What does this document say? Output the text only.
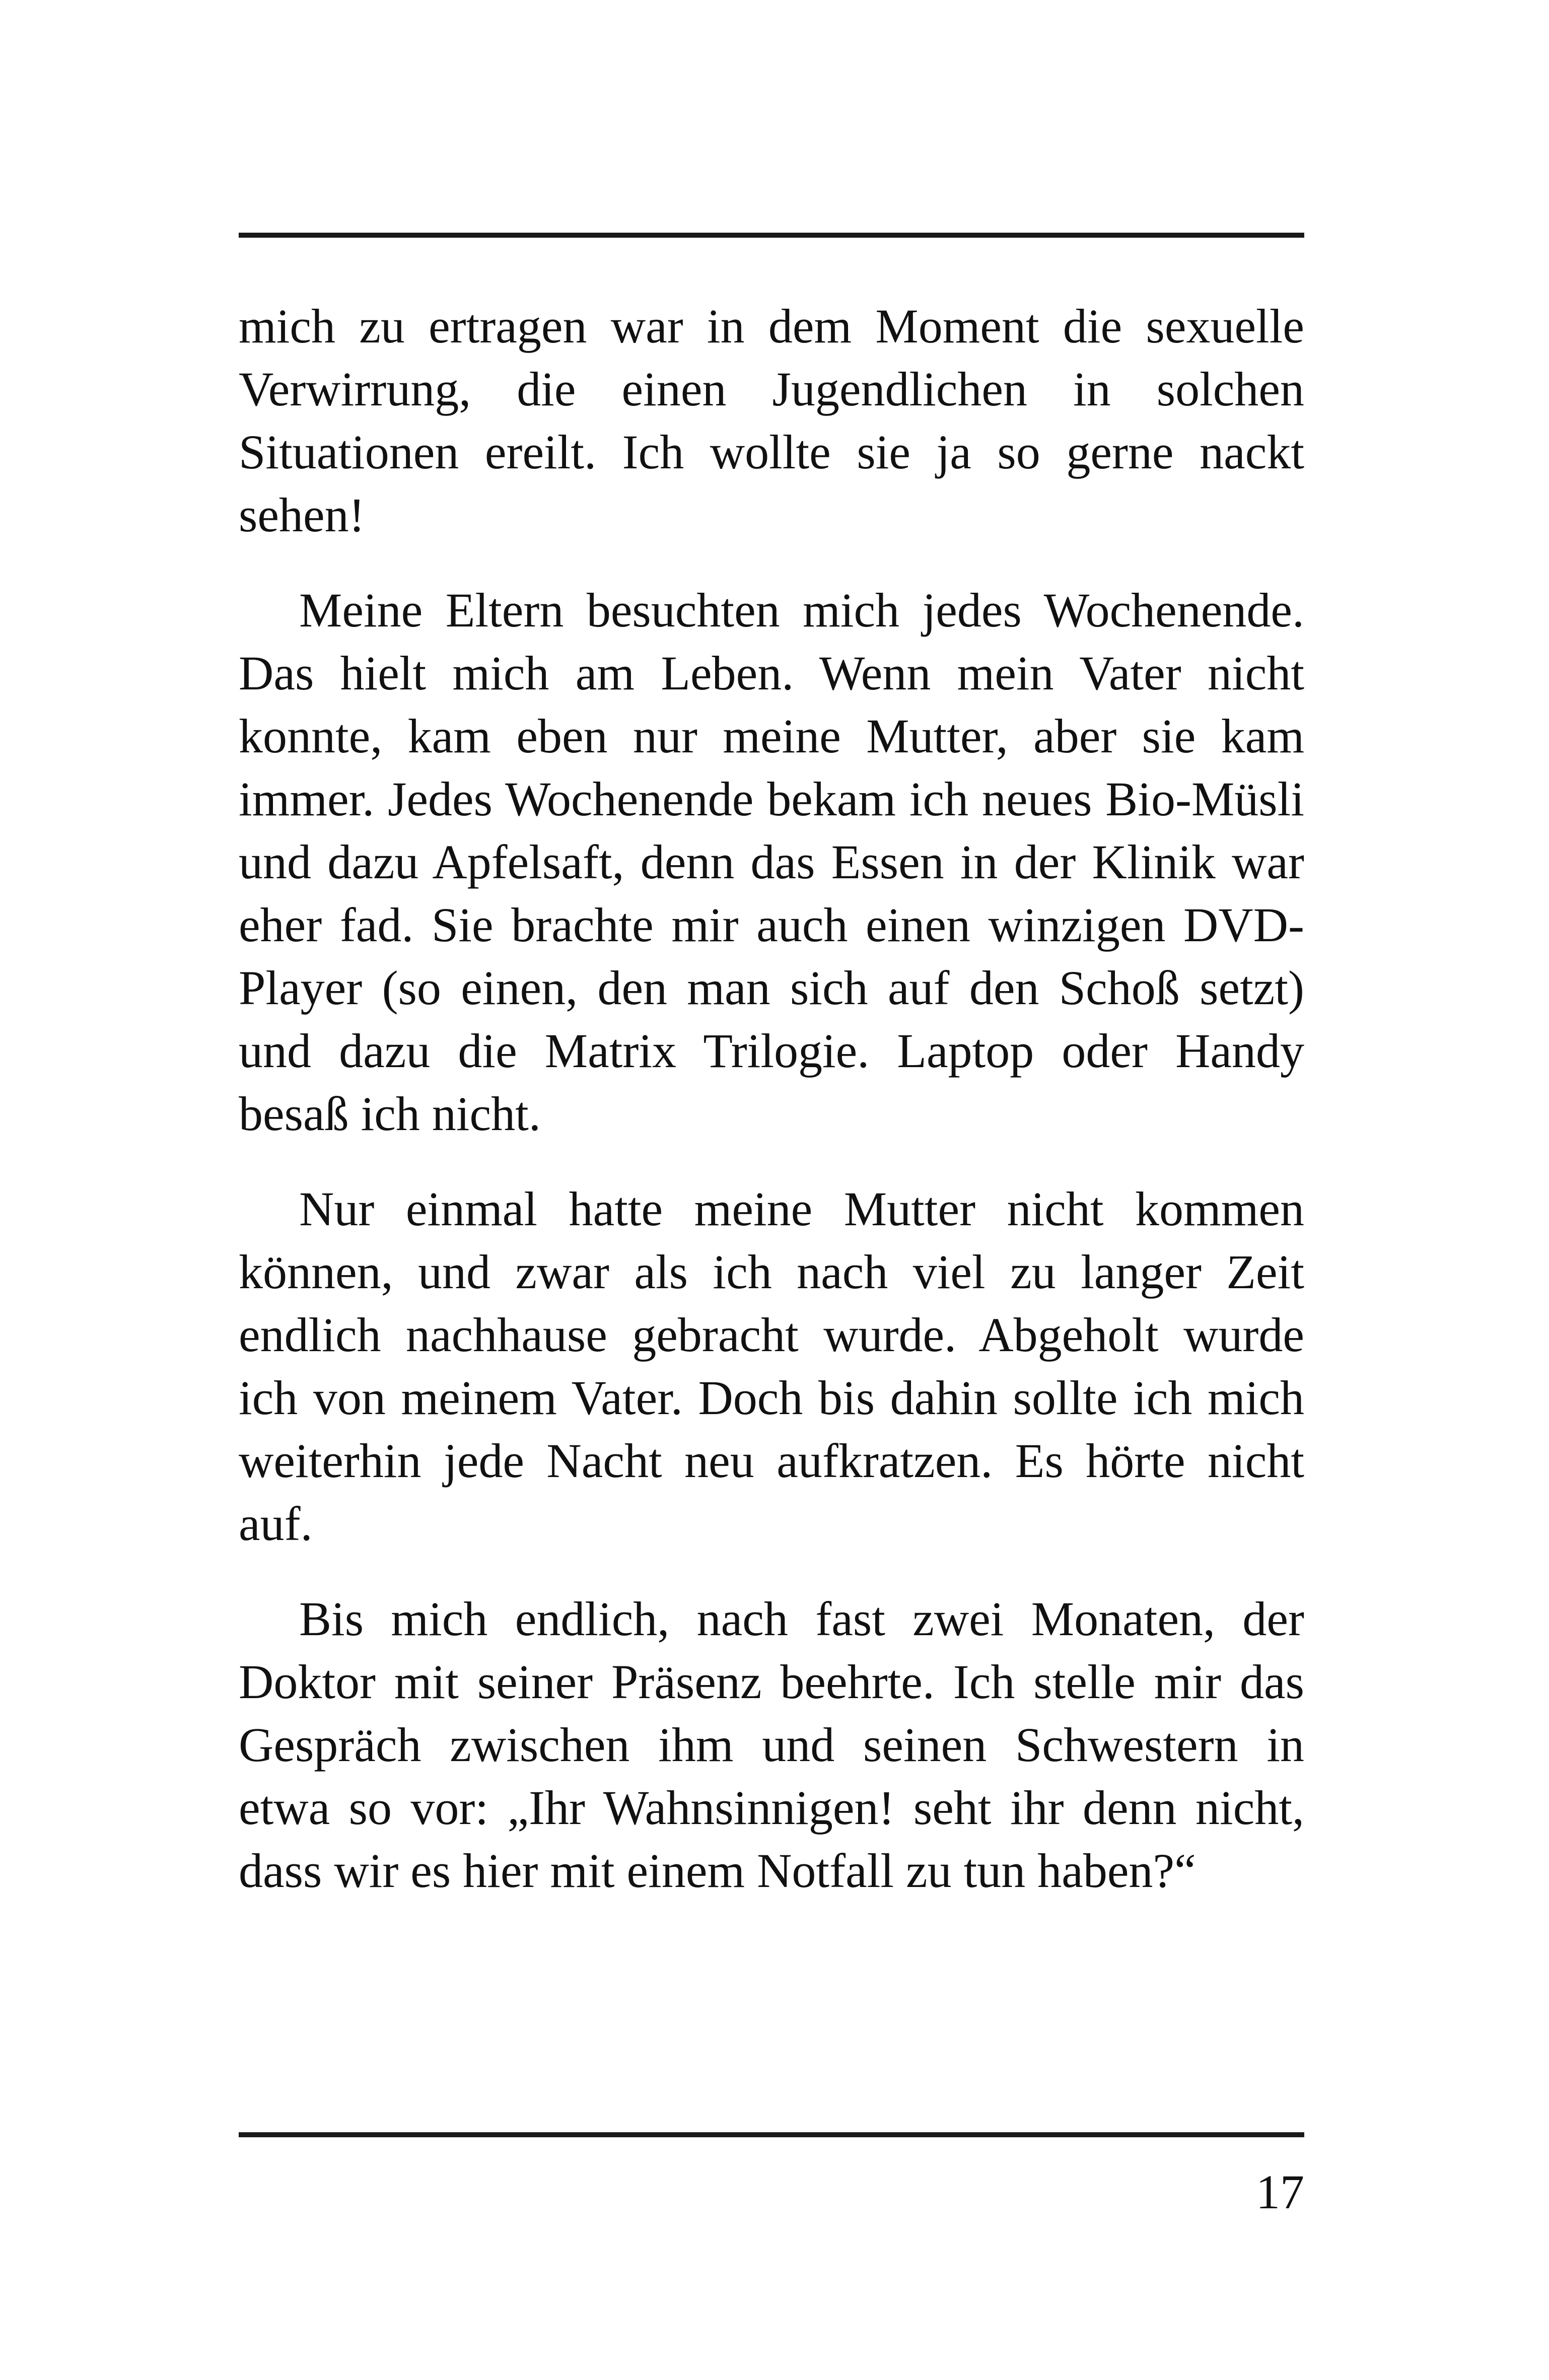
mich zu ertragen war in dem Moment die sexuelle Verwirrung, die einen Jugendlichen in solchen Situationen ereilt. Ich wollte sie ja so gerne nackt sehen!

Meine Eltern besuchten mich jedes Wochenende. Das hielt mich am Leben. Wenn mein Vater nicht konnte, kam eben nur meine Mutter, aber sie kam immer. Jedes Wochenende bekam ich neues Bio-Müsli und dazu Apfelsaft, denn das Essen in der Klinik war eher fad. Sie brachte mir auch einen winzigen DVD-Player (so einen, den man sich auf den Schoß setzt) und dazu die Matrix Trilogie. Laptop oder Handy besaß ich nicht.

Nur einmal hatte meine Mutter nicht kommen können, und zwar als ich nach viel zu langer Zeit endlich nachhause gebracht wurde. Abgeholt wurde ich von meinem Vater. Doch bis dahin sollte ich mich weiterhin jede Nacht neu aufkratzen. Es hörte nicht auf.

Bis mich endlich, nach fast zwei Monaten, der Doktor mit seiner Präsenz beehrte. Ich stelle mir das Gespräch zwischen ihm und seinen Schwestern in etwa so vor: „Ihr Wahnsinnigen! seht ihr denn nicht, dass wir es hier mit einem Notfall zu tun haben?“

17
